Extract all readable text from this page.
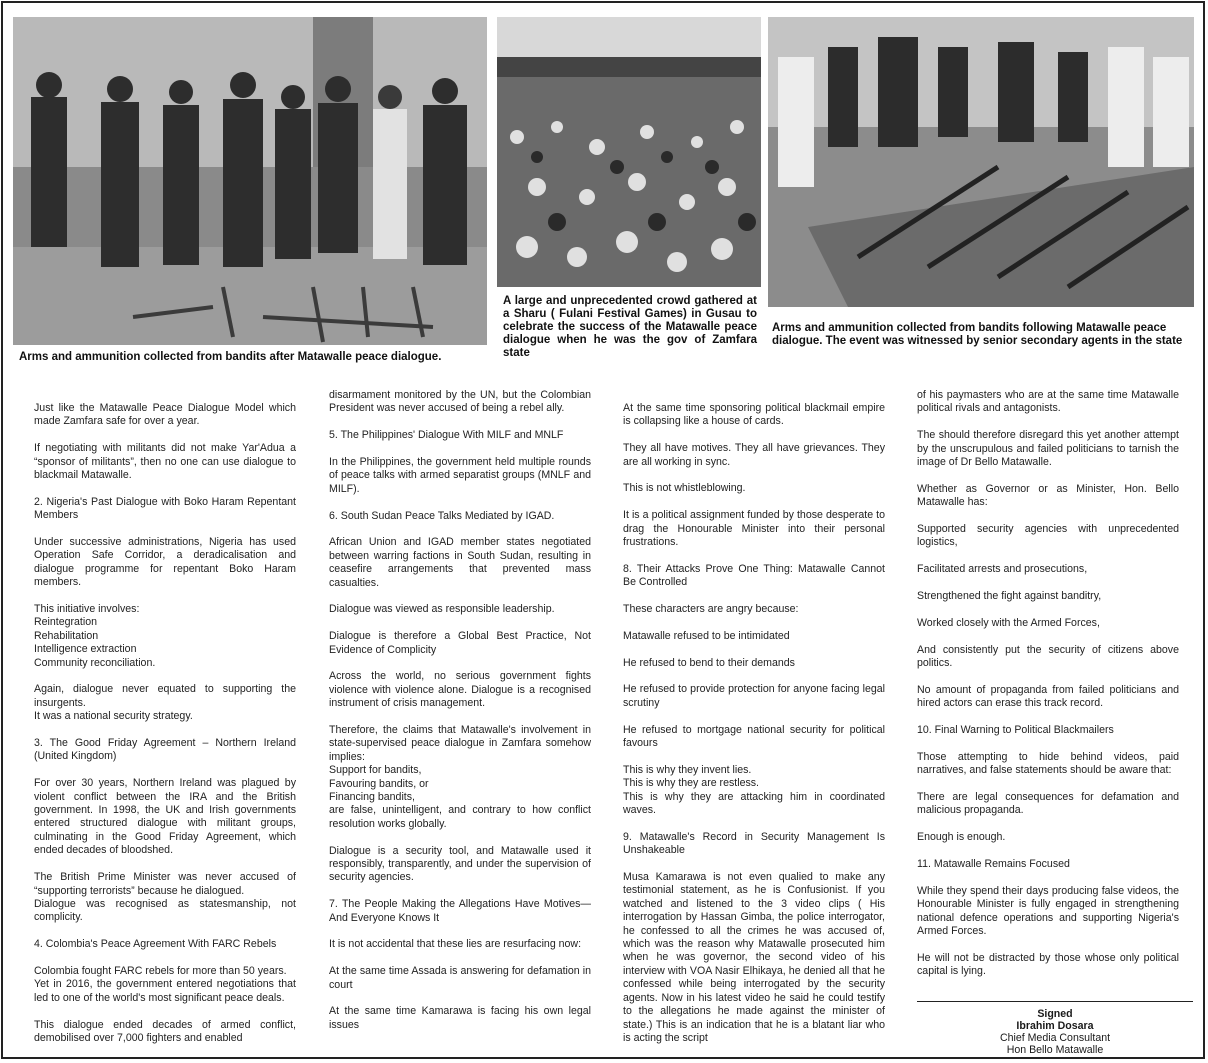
Arms and ammunition collected from bandits after Matawalle peace dialogue.
A large and unprecedented crowd gathered at a Sharu ( Fulani Festival Games) in Gusau to celebrate the success of the Matawalle peace dialogue when he was the gov of Zamfara state
Arms and ammunition collected from bandits following Matawalle peace dialogue. The event was witnessed by senior secondary agents in the state

Just like the Matawalle Peace Dialogue Model which made Zamfara safe for over a year.

If negotiating with militants did not make Yar'Adua a “sponsor of militants”, then no one can use dialogue to blackmail Matawalle.

2. Nigeria's Past Dialogue with Boko Haram Repentant Members

Under successive administrations, Nigeria has used Operation Safe Corridor, a deradicalisation and dialogue programme for repentant Boko Haram members.

This initiative involves:

Reintegration

Rehabilitation

Intelligence extraction

Community reconciliation.

Again, dialogue never equated to supporting the insurgents.

It was a national security strategy.

3. The Good Friday Agreement – Northern Ireland (United Kingdom)

For over 30 years, Northern Ireland was plagued by violent conflict between the IRA and the British government. In 1998, the UK and Irish governments entered structured dialogue with militant groups, culminating in the Good Friday Agreement, which ended decades of bloodshed.

The British Prime Minister was never accused of “supporting terrorists” because he dialogued.

Dialogue was recognised as statesmanship, not complicity.

4. Colombia's Peace Agreement With FARC Rebels

Colombia fought FARC rebels for more than 50 years.

Yet in 2016, the government entered negotiations that led to one of the world's most significant peace deals.

This dialogue ended decades of armed conflict, demobilised over 7,000 fighters and enabled

disarmament monitored by the UN, but the Colombian President was never accused of being a rebel ally.

5. The Philippines' Dialogue With MILF and MNLF

In the Philippines, the government held multiple rounds of peace talks with armed separatist groups (MNLF and MILF).

6. South Sudan Peace Talks Mediated by IGAD.

African Union and IGAD member states negotiated between warring factions in South Sudan, resulting in ceasefire arrangements that prevented mass casualties.

Dialogue was viewed as responsible leadership.

Dialogue is therefore a Global Best Practice, Not Evidence of Complicity

Across the world, no serious government fights violence with violence alone. Dialogue is a recognised instrument of crisis management.

Therefore, the claims that Matawalle's involvement in state-supervised peace dialogue in Zamfara somehow implies:

Support for bandits,

Favouring bandits, or

Financing bandits,

are false, unintelligent, and contrary to how conflict resolution works globally.

Dialogue is a security tool, and Matawalle used it responsibly, transparently, and under the supervision of security agencies.

7. The People Making the Allegations Have Motives—And Everyone Knows It

It is not accidental that these lies are resurfacing now:

At the same time Assada is answering for defamation in court

At the same time Kamarawa is facing his own legal issues

At the same time sponsoring political blackmail empire is collapsing like a house of cards.

They all have motives. They all have grievances. They are all working in sync.

This is not whistleblowing.

It is a political assignment funded by those desperate to drag the Honourable Minister into their personal frustrations.

8. Their Attacks Prove One Thing: Matawalle Cannot Be Controlled

These characters are angry because:

Matawalle refused to be intimidated

He refused to bend to their demands

He refused to provide protection for anyone facing legal scrutiny

He refused to mortgage national security for political favours

This is why they invent lies.

This is why they are restless.

This is why they are attacking him in coordinated waves.

9. Matawalle's Record in Security Management Is Unshakeable

Musa Kamarawa is not even qualied to make any testimonial statement, as he is Confusionist. If you watched and listened to the 3 video clips ( His interrogation by Hassan Gimba, the police interrogator, he confessed to all the crimes he was accused of, which was the reason why Matawalle prosecuted him when he was governor, the second video of his interview with VOA Nasir Elhikaya, he denied all that he confessed while being interrogated by the security agents. Now in his latest video he said he could testify to the allegations he made against the minister of state.) This is an indication that he is a blatant liar who is acting the script

of his paymasters who are at the same time Matawalle political rivals and antagonists.

The should therefore disregard this yet another attempt by the unscrupulous and failed politicians to tarnish the image of Dr Bello Matawalle.

Whether as Governor or as Minister, Hon. Bello Matawalle has:

Supported security agencies with unprecedented logistics,

Facilitated arrests and prosecutions,

Strengthened the fight against banditry,

Worked closely with the Armed Forces,

And consistently put the security of citizens above politics.

No amount of propaganda from failed politicians and hired actors can erase this track record.

10. Final Warning to Political Blackmailers

Those attempting to hide behind videos, paid narratives, and false statements should be aware that:

There are legal consequences for defamation and malicious propaganda.

Enough is enough.

11. Matawalle Remains Focused

While they spend their days producing false videos, the Honourable Minister is fully engaged in strengthening national defence operations and supporting Nigeria's Armed Forces.

He will not be distracted by those whose only political capital is lying.

Signed
Ibrahim Dosara
Chief Media Consultant
Hon Bello Matawalle
